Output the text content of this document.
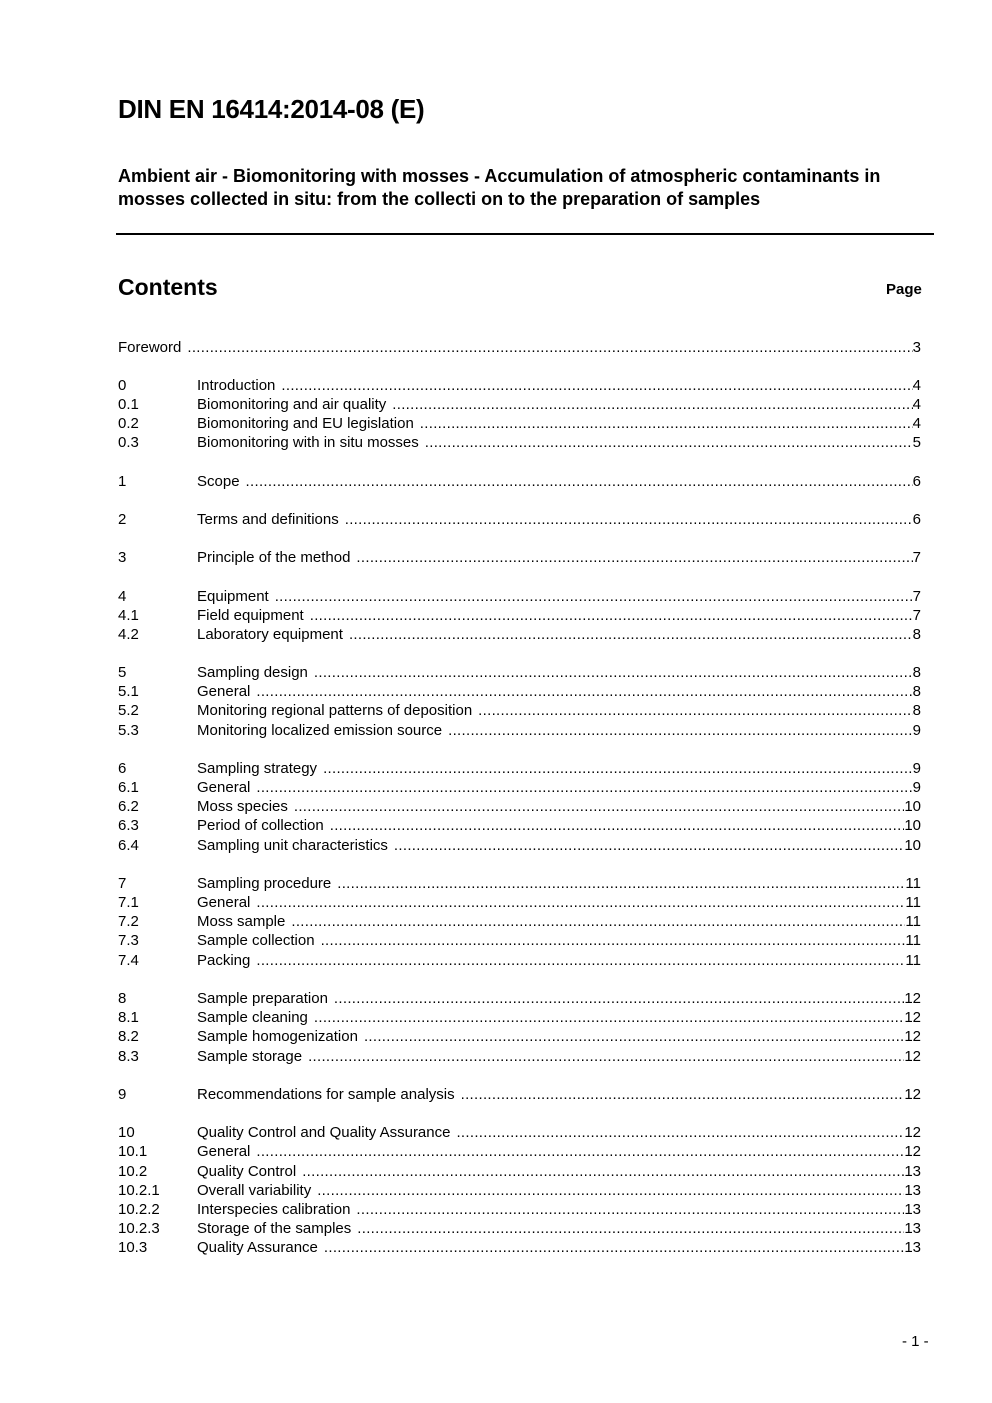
DIN EN 16414:2014-08 (E)
Ambient air - Biomonitoring with mosses - Accumulation of atmospheric contaminants in mosses collected in situ: from the collecti on to the preparation of samples
Contents	Page
Foreword .....	3
0	Introduction .....	4
0.1	Biomonitoring and air quality .....	4
0.2	Biomonitoring and EU legislation .....	4
0.3	Biomonitoring with in situ mosses .....	5
1	Scope .....	6
2	Terms and definitions .....	6
3	Principle of the method .....	7
4	Equipment .....	7
4.1	Field equipment .....	7
4.2	Laboratory equipment .....	8
5	Sampling design .....	8
5.1	General .....	8
5.2	Monitoring regional patterns of deposition .....	8
5.3	Monitoring localized emission source .....	9
6	Sampling strategy .....	9
6.1	General .....	9
6.2	Moss species .....	10
6.3	Period of collection .....	10
6.4	Sampling unit characteristics .....	10
7	Sampling procedure .....	11
7.1	General .....	11
7.2	Moss sample .....	11
7.3	Sample collection .....	11
7.4	Packing .....	11
8	Sample preparation .....	12
8.1	Sample cleaning .....	12
8.2	Sample homogenization .....	12
8.3	Sample storage .....	12
9	Recommendations for sample analysis .....	12
10	Quality Control and Quality Assurance .....	12
10.1	General .....	12
10.2	Quality Control .....	13
10.2.1	Overall variability .....	13
10.2.2	Interspecies calibration .....	13
10.2.3	Storage of the samples .....	13
10.3	Quality Assurance .....	13
- 1 -
